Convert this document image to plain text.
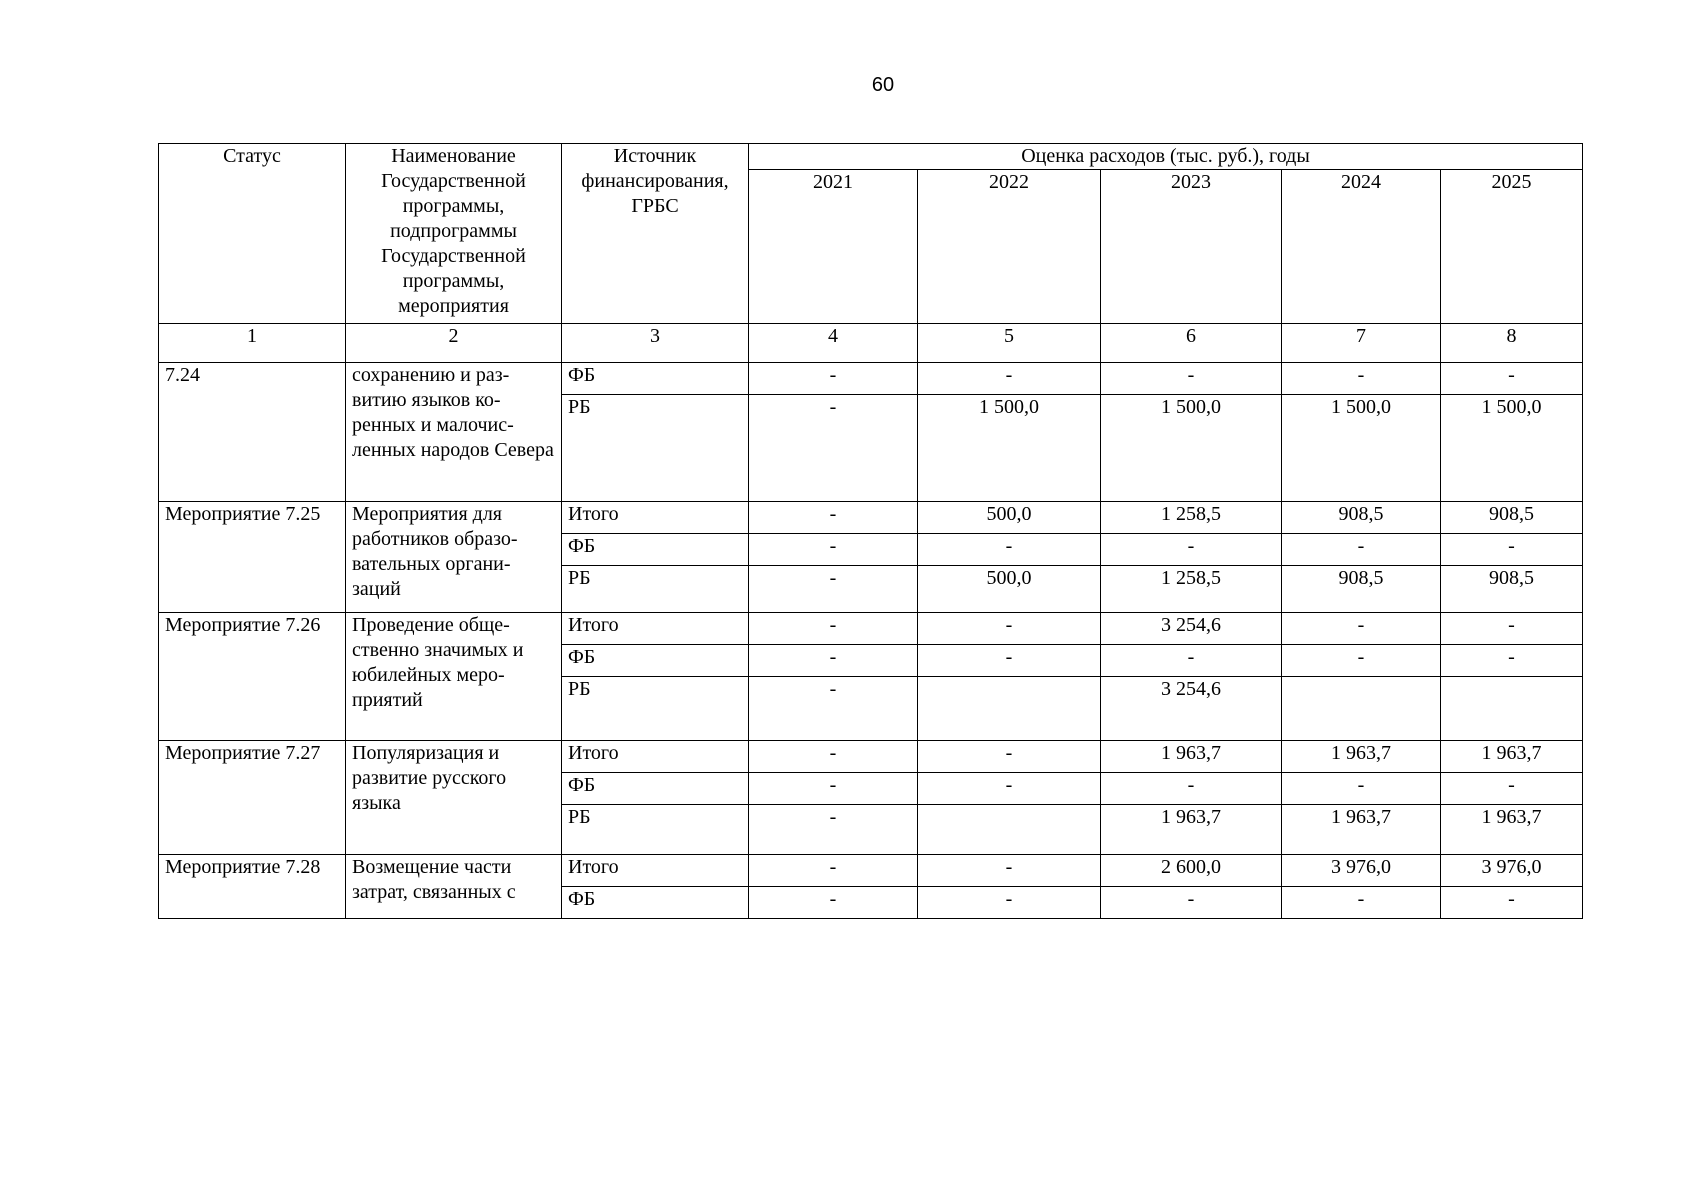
60
Статус	Наименование Государственной программы, подпрограммы Государственной программы, мероприятия	Источник финансирования, ГРБС	Оценка расходов (тыс. руб.), годы				
			2021	2022	2023	2024	2025
1	2	3	4	5	6	7	8
7.24	сохранению и раз-витию языков ко-ренных и малочис-ленных народов Севера	ФБ	-	-	-	-	-
		РБ	-	1 500,0	1 500,0	1 500,0	1 500,0
Мероприятие 7.25	Мероприятия для работников образо-вательных органи-заций	Итого	-	500,0	1 258,5	908,5	908,5
		ФБ	-	-	-	-	-
		РБ	-	500,0	1 258,5	908,5	908,5
Мероприятие 7.26	Проведение обще-ственно значимых и юбилейных меро-приятий	Итого	-	-	3 254,6	-	-
		ФБ	-	-	-	-	-
		РБ	-		3 254,6		
Мероприятие 7.27	Популяризация и развитие русского языка	Итого	-	-	1 963,7	1 963,7	1 963,7
		ФБ	-	-	-	-	-
		РБ	-		1 963,7	1 963,7	1 963,7
Мероприятие 7.28	Возмещение части затрат, связанных с	Итого	-	-	2 600,0	3 976,0	3 976,0
		ФБ	-	-	-	-	-
